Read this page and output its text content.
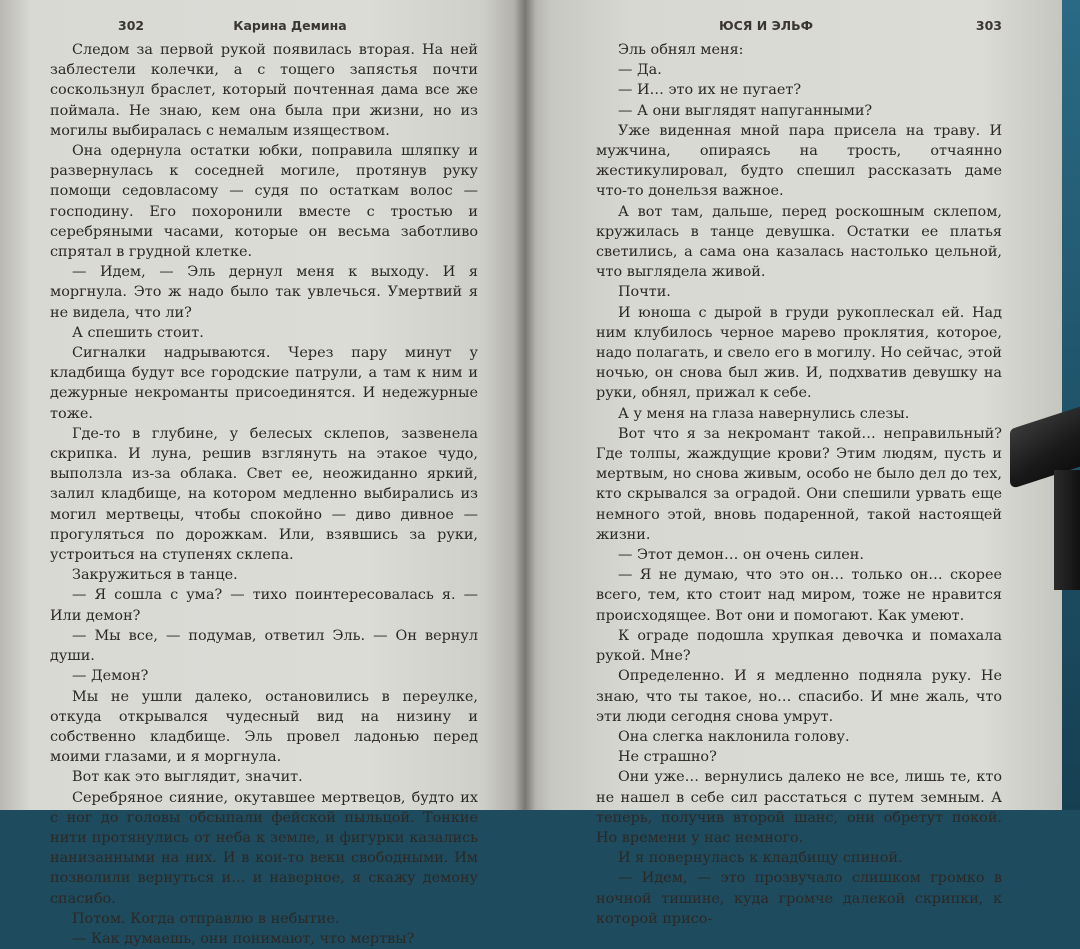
302	Карина Демина

Следом за первой рукой появилась вторая. На ней заблестели колечки, а с тощего запястья почти соскользнул браслет, который почтенная дама все же поймала. Не знаю, кем она была при жизни, но из могилы выбиралась с немалым изяществом.

Она одернула остатки юбки, поправила шляпку и развернулась к соседней могиле, протянув руку помощи седовласому — судя по остаткам волос — господину. Его похоронили вместе с тростью и серебряными часами, которые он весьма заботливо спрятал в грудной клетке.

— Идем, — Эль дернул меня к выходу. И я моргнула. Это ж надо было так увлечься. Умертвий я не видела, что ли?

А спешить стоит.

Сигналки надрываются. Через пару минут у кладбища будут все городские патрули, а там к ним и дежурные некроманты присоединятся. И недежурные тоже.

Где-то в глубине, у белесых склепов, зазвенела скрипка. И луна, решив взглянуть на этакое чудо, выползла из-за облака. Свет ее, неожиданно яркий, залил кладбище, на котором медленно выбирались из могил мертвецы, чтобы спокойно — диво дивное — прогуляться по дорожкам. Или, взявшись за руки, устроиться на ступенях склепа.

Закружиться в танце.

— Я сошла с ума? — тихо поинтересовалась я. — Или демон?

— Мы все, — подумав, ответил Эль. — Он вернул души.

— Демон?

Мы не ушли далеко, остановились в переулке, откуда открывался чудесный вид на низину и собственно кладбище. Эль провел ладонью перед моими глазами, и я моргнула.

Вот как это выглядит, значит.

Серебряное сияние, окутавшее мертвецов, будто их с ног до головы обсыпали фейской пыльцой. Тонкие нити протянулись от неба к земле, и фигурки казались нанизанными на них. И в кои-то веки свободными. Им позволили вернуться и… и наверное, я скажу демону спасибо.

Потом. Когда отправлю в небытие.

— Как думаешь, они понимают, что мертвы?

ЮСЯ И ЭЛЬФ	303

Эль обнял меня:

— Да.

— И… это их не пугает?

— А они выглядят напуганными?

Уже виденная мной пара присела на траву. И мужчина, опираясь на трость, отчаянно жестикулировал, будто спешил рассказать даме что-то донельзя важное.

А вот там, дальше, перед роскошным склепом, кружилась в танце девушка. Остатки ее платья светились, а сама она казалась настолько цельной, что выглядела живой.

Почти.

И юноша с дырой в груди рукоплескал ей. Над ним клубилось черное марево проклятия, которое, надо полагать, и свело его в могилу. Но сейчас, этой ночью, он снова был жив. И, подхватив девушку на руки, обнял, прижал к себе.

А у меня на глаза навернулись слезы.

Вот что я за некромант такой… неправильный? Где толпы, жаждущие крови? Этим людям, пусть и мертвым, но снова живым, особо не было дел до тех, кто скрывался за оградой. Они спешили урвать еще немного этой, вновь подаренной, такой настоящей жизни.

— Этот демон… он очень силен.

— Я не думаю, что это он… только он… скорее всего, тем, кто стоит над миром, тоже не нравится происходящее. Вот они и помогают. Как умеют.

К ограде подошла хрупкая девочка и помахала рукой. Мне?

Определенно. И я медленно подняла руку. Не знаю, что ты такое, но… спасибо. И мне жаль, что эти люди сегодня снова умрут.

Она слегка наклонила голову.

Не страшно?

Они уже… вернулись далеко не все, лишь те, кто не нашел в себе сил расстаться с путем земным. А теперь, получив второй шанс, они обретут покой. Но времени у нас немного.

И я повернулась к кладбищу спиной.

— Идем, — это прозвучало слишком громко в ночной тишине, куда громче далекой скрипки, к которой присо-
